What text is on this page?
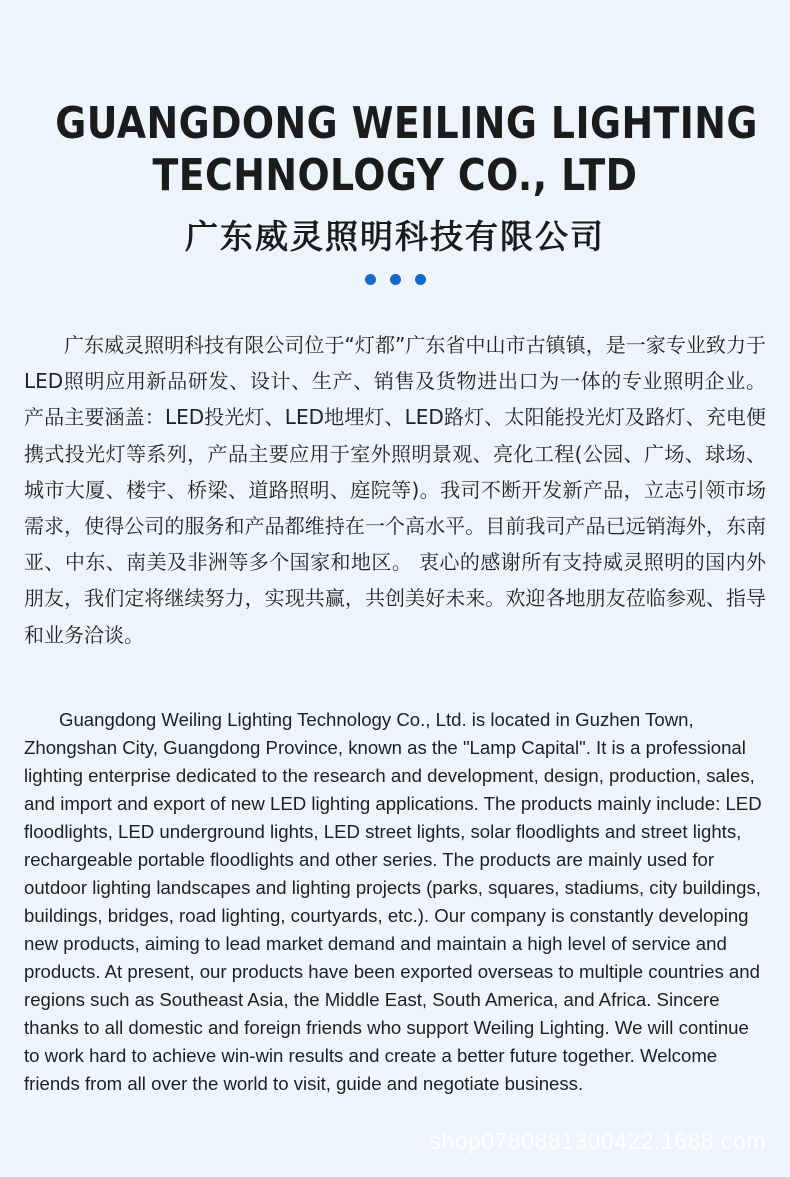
GUANGDONG WEILING LIGHTING
TECHNOLOGY CO., LTD
广东威灵照明科技有限公司

广东威灵照明科技有限公司位于“灯都”广东省中山市古镇镇，是一家专业致力于LED照明应用新品研发、设计、生产、销售及货物进出口为一体的专业照明企业。 产品主要涵盖：LED投光灯、LED地埋灯、LED路灯、太阳能投光灯及路灯、充电便携式投光灯等系列，产品主要应用于室外照明景观、亮化工程(公园、广场、球场、城市大厦、楼宇、桥梁、道路照明、庭院等)。我司不断开发新产品，立志引领市场需求，使得公司的服务和产品都维持在一个高水平。目前我司产品已远销海外，东南亚、中东、南美及非洲等多个国家和地区。 衷心的感谢所有支持威灵照明的国内外朋友，我们定将继续努力，实现共赢，共创美好未来。欢迎各地朋友莅临参观、指导和业务洽谈。

Guangdong Weiling Lighting Technology Co., Ltd. is located in Guzhen Town, Zhongshan City, Guangdong Province, known as the "Lamp Capital". It is a professional lighting enterprise dedicated to the research and development, design, production, sales, and import and export of new LED lighting applications. The products mainly include: LED floodlights, LED underground lights, LED street lights, solar floodlights and street lights, rechargeable portable floodlights and other series. The products are mainly used for outdoor lighting landscapes and lighting projects (parks, squares, stadiums, city buildings, buildings, bridges, road lighting, courtyards, etc.). Our company is constantly developing new products, aiming to lead market demand and maintain a high level of service and products. At present, our products have been exported overseas to multiple countries and regions such as Southeast Asia, the Middle East, South America, and Africa. Sincere thanks to all domestic and foreign friends who support Weiling Lighting. We will continue to work hard to achieve win-win results and create a better future together. Welcome friends from all over the world to visit, guide and negotiate business.

shop0780881300422.1688.com
